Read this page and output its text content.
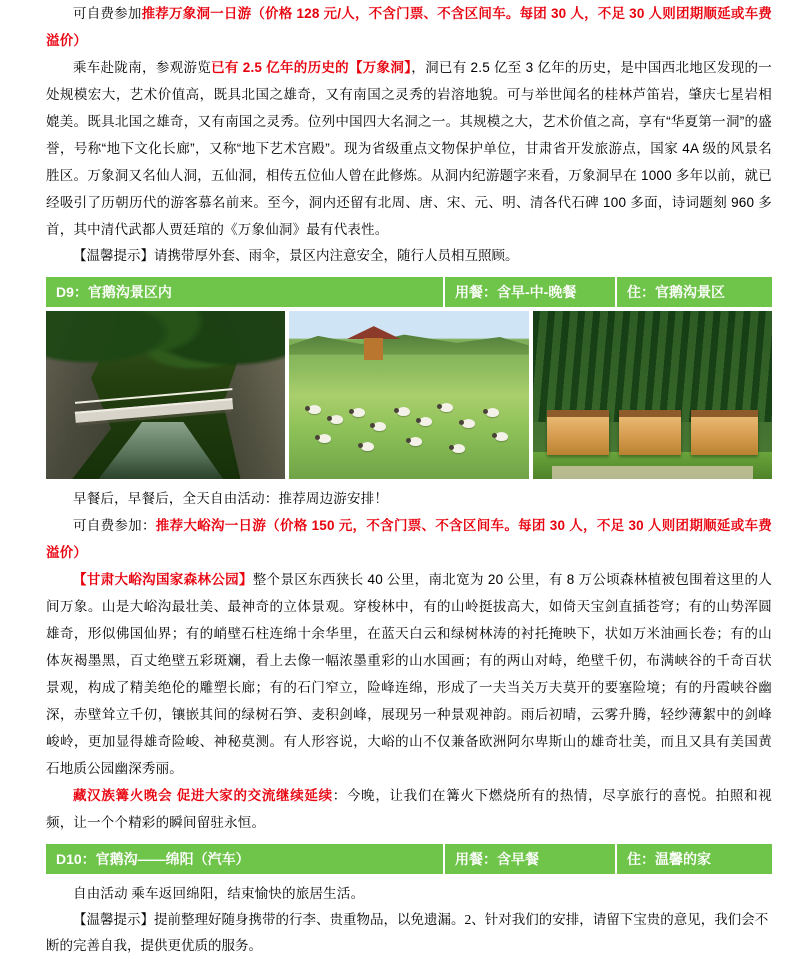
可自费参加推荐万象洞一日游（价格 128 元/人，不含门票、不含区间车。每团 30 人，不足 30 人则团期顺延或车费溢价）

乘车赴陇南，参观游览已有 2.5 亿年的历史的【万象洞】，洞已有 2.5 亿至 3 亿年的历史，是中国西北地区发现的一处规模宏大，艺术价值高，既具北国之雄奇，又有南国之灵秀的岩溶地貌。可与举世闻名的桂林芦笛岩，肇庆七星岩相媲美。既具北国之雄奇，又有南国之灵秀。位列中国四大名洞之一。其规模之大，艺术价值之高，享有“华夏第一洞”的盛誉，号称“地下文化长廊”，又称“地下艺术宫殿”。现为省级重点文物保护单位，甘肃省开发旅游点，国家 4A 级的风景名胜区。万象洞又名仙人洞，五仙洞，相传五位仙人曾在此修炼。从洞内纪游题字来看，万象洞早在 1000 多年以前，就已经吸引了历朝历代的游客慕名前来。至今，洞内还留有北周、唐、宋、元、明、清各代石碑 100 多面，诗词题刻 960 多首，其中清代武都人贾廷琯的《万象仙洞》最有代表性。

【温馨提示】请携带厚外套、雨伞，景区内注意安全，随行人员相互照顾。

D9：官鹅沟景区内	用餐：含早-中-晚餐	住：官鹅沟景区

早餐后，早餐后，全天自由活动：推荐周边游安排！

可自费参加：推荐大峪沟一日游（价格 150 元，不含门票、不含区间车。每团 30 人，不足 30 人则团期顺延或车费溢价）

【甘肃大峪沟国家森林公园】整个景区东西狭长 40 公里，南北宽为 20 公里，有 8 万公顷森林植被包围着这里的人间万象。山是大峪沟最壮美、最神奇的立体景观。穿梭林中，有的山岭挺拔高大，如倚天宝剑直插苍穹；有的山势浑圆雄奇，形似佛国仙界；有的峭壁石柱连绵十余华里，在蓝天白云和绿树林涛的衬托掩映下，状如万米油画长卷；有的山体灰褐墨黑，百丈绝壁五彩斑斓，看上去像一幅浓墨重彩的山水国画；有的两山对峙，绝壁千仞，布满峡谷的千奇百状景观，构成了精美绝伦的雕塑长廊；有的石门窄立，险峰连绵，形成了一夫当关万夫莫开的要塞险境；有的丹霞峡谷幽深，赤壁耸立千仞，镶嵌其间的绿树石笋、麦积剑峰，展现另一种景观神韵。雨后初晴，云雾升腾，轻纱薄絮中的剑峰峻岭，更加显得雄奇险峻、神秘莫测。有人形容说，大峪的山不仅兼备欧洲阿尔卑斯山的雄奇壮美，而且又具有美国黄石地质公园幽深秀丽。

藏汉族篝火晚会 促进大家的交流继续延续：今晚，让我们在篝火下燃烧所有的热情，尽享旅行的喜悦。拍照和视频，让一个个精彩的瞬间留驻永恒。

D10：官鹅沟——绵阳（汽车）	用餐：含早餐	住：温馨的家

自由活动 乘车返回绵阳，结束愉快的旅居生活。

【温馨提示】提前整理好随身携带的行李、贵重物品，以免遗漏。2、针对我们的安排，请留下宝贵的意见，我们会不断的完善自我，提供更优质的服务。
